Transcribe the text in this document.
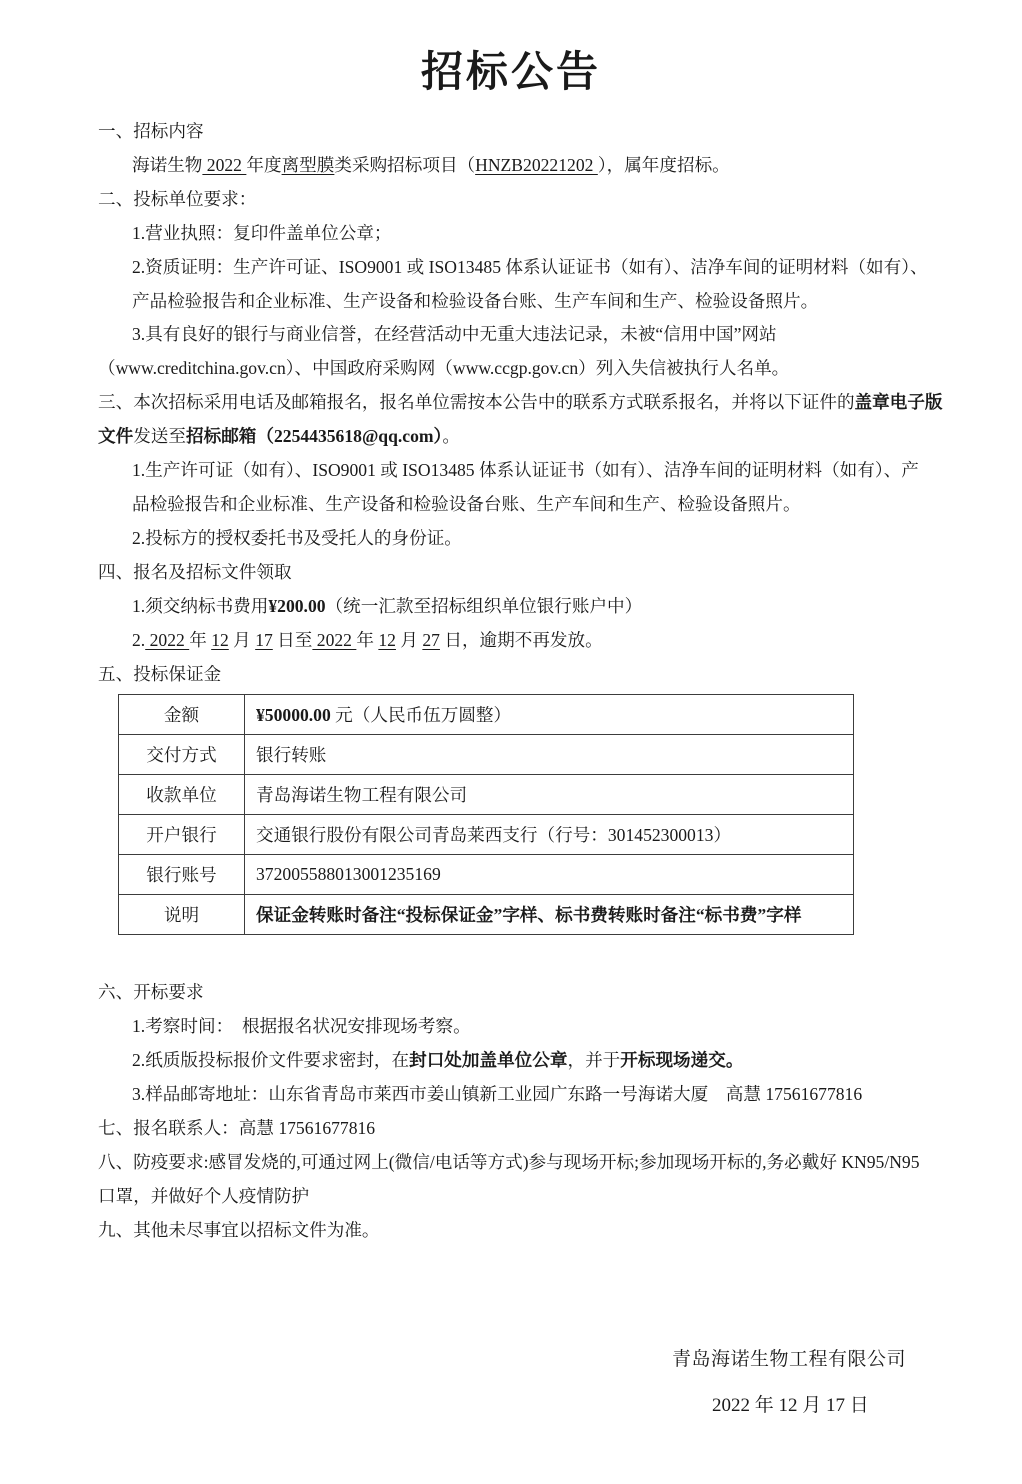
招标公告
一、招标内容
海诺生物 2022 年度离型膜类采购招标项目（HNZB20221202 ），属年度招标。
二、投标单位要求：
1.营业执照：复印件盖单位公章；
2.资质证明：生产许可证、ISO9001 或 ISO13485 体系认证证书（如有）、洁净车间的证明材料（如有）、
产品检验报告和企业标准、生产设备和检验设备台账、生产车间和生产、检验设备照片。
3.具有良好的银行与商业信誉，在经营活动中无重大违法记录，未被“信用中国”网站
（www.creditchina.gov.cn）、中国政府采购网（www.ccgp.gov.cn）列入失信被执行人名单。
三、本次招标采用电话及邮箱报名，报名单位需按本公告中的联系方式联系报名，并将以下证件的盖章电子版
文件发送至招标邮箱（2254435618@qq.com）。
1.生产许可证（如有）、ISO9001 或 ISO13485 体系认证证书（如有）、洁净车间的证明材料（如有）、产
品检验报告和企业标准、生产设备和检验设备台账、生产车间和生产、检验设备照片。
2.投标方的授权委托书及受托人的身份证。
四、报名及招标文件领取
1.须交纳标书费用¥200.00（统一汇款至招标组织单位银行账户中）
2. 2022 年 12 月 17 日至 2022 年 12 月 27 日，逾期不再发放。
五、投标保证金
金额	¥50000.00 元（人民币伍万圆整）
交付方式	银行转账
收款单位	青岛海诺生物工程有限公司
开户银行	交通银行股份有限公司青岛莱西支行（行号：301452300013）
银行账号	372005588013001235169
说明	保证金转账时备注“投标保证金”字样、标书费转账时备注“标书费”字样
六、开标要求
1.考察时间：　根据报名状况安排现场考察。
2.纸质版投标报价文件要求密封，在封口处加盖单位公章，并于开标现场递交。
3.样品邮寄地址：山东省青岛市莱西市姜山镇新工业园广东路一号海诺大厦　高慧 17561677816
七、报名联系人：高慧 17561677816
八、防疫要求:感冒发烧的,可通过网上(微信/电话等方式)参与现场开标;参加现场开标的,务必戴好 KN95/N95
口罩，并做好个人疫情防护
九、其他未尽事宜以招标文件为准。
青岛海诺生物工程有限公司
2022 年 12 月 17 日
